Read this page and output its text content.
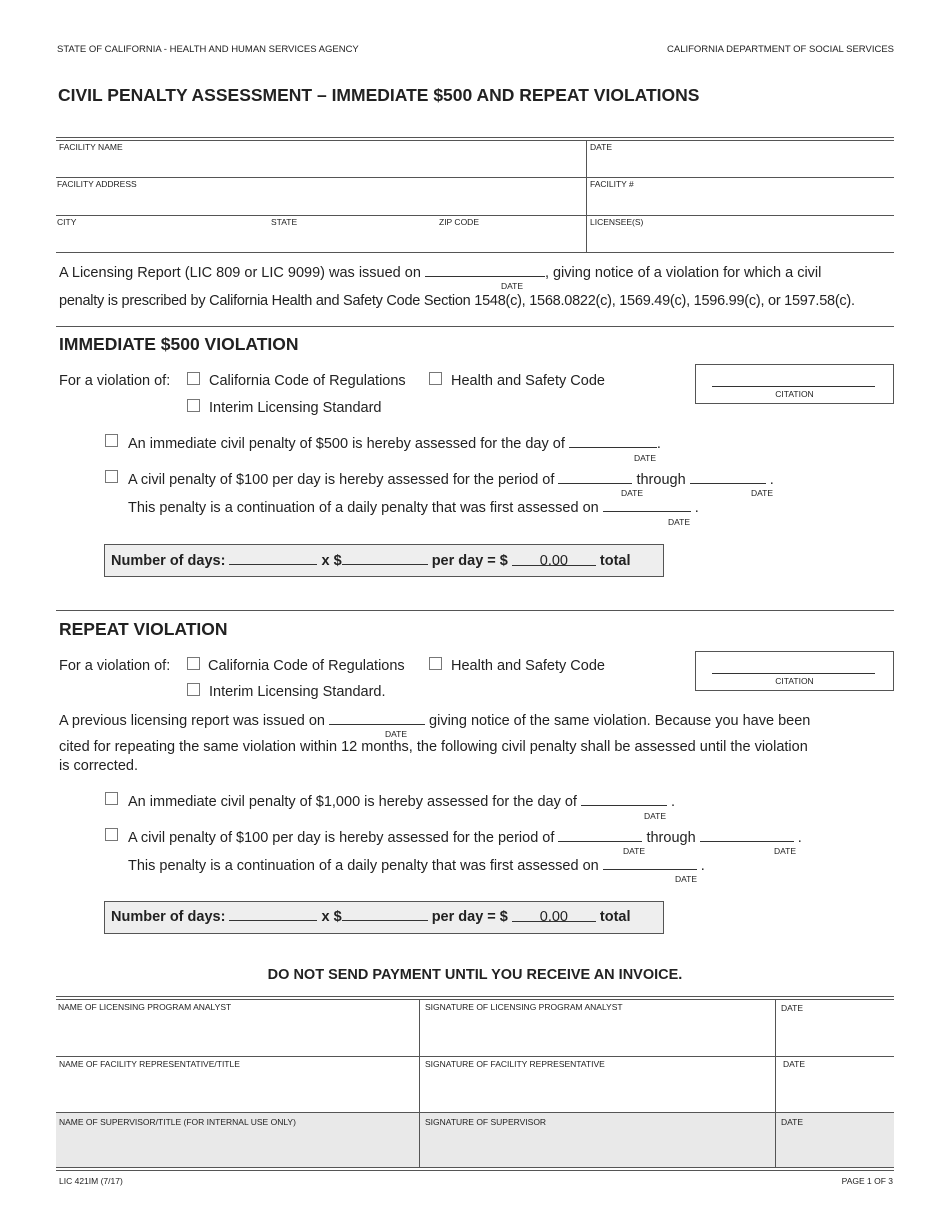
STATE OF CALIFORNIA - HEALTH AND HUMAN SERVICES AGENCY	CALIFORNIA DEPARTMENT OF SOCIAL SERVICES
CIVIL PENALTY ASSESSMENT – IMMEDIATE $500 AND REPEAT VIOLATIONS
FACILITY NAME	DATE
FACILITY ADDRESS	FACILITY #
CITY	STATE	ZIP CODE	LICENSEE(S)
A Licensing Report (LIC 809 or LIC 9099) was issued on	, giving notice of a violation for which a civil
DATE
penalty is prescribed by California Health and Safety Code Section 1548(c), 1568.0822(c), 1569.49(c), 1596.99(c), or 1597.58(c).
IMMEDIATE $500 VIOLATION
For a violation of:	California Code of Regulations	Health and Safety Code
Interim Licensing Standard
CITATION
An immediate civil penalty of $500 is hereby assessed for the day of	.
DATE
A civil penalty of $100 per day is hereby assessed for the period of	through	.
DATE	DATE
This penalty is a continuation of a daily penalty that was first assessed on	.
DATE
Number of days:	x $	per day = $ 0.00 total
REPEAT VIOLATION
For a violation of:	California Code of Regulations	Health and Safety Code
Interim Licensing Standard.
CITATION
A previous licensing report was issued on	giving notice of the same violation. Because you have been
DATE
cited for repeating the same violation within 12 months, the following civil penalty shall be assessed until the violation
is corrected.
An immediate civil penalty of $1,000 is hereby assessed for the day of	.
DATE
A civil penalty of $100 per day is hereby assessed for the period of	through	.
DATE	DATE
This penalty is a continuation of a daily penalty that was first assessed on	.
DATE
Number of days:	x $	per day = $ 0.00 total
DO NOT SEND PAYMENT UNTIL YOU RECEIVE AN INVOICE.
NAME OF LICENSING PROGRAM ANALYST	SIGNATURE OF LICENSING PROGRAM ANALYST	DATE
NAME OF FACILITY REPRESENTATIVE/TITLE	SIGNATURE OF FACILITY REPRESENTATIVE	DATE
NAME OF SUPERVISOR/TITLE (FOR INTERNAL USE ONLY)	SIGNATURE OF SUPERVISOR	DATE
LIC 421IM (7/17)	PAGE 1 OF 3
